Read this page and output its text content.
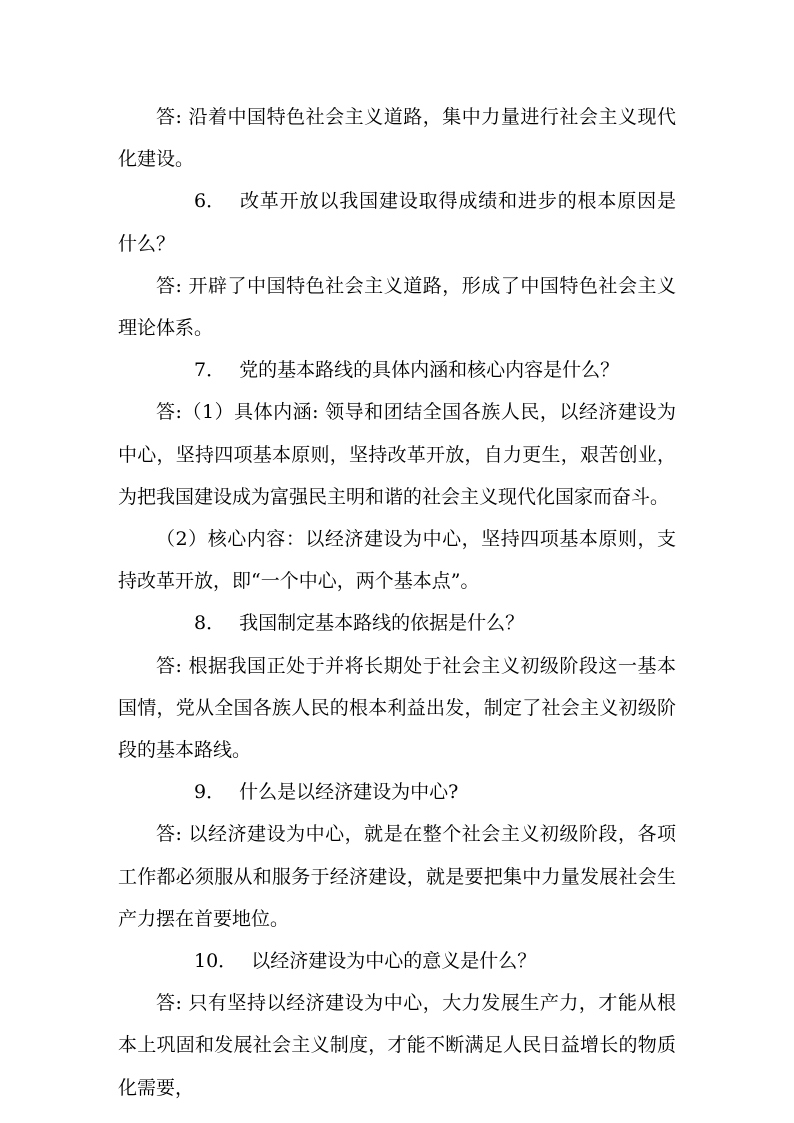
答: 沿着中国特色社会主义道路，集中力量进行社会主义现代化建设。

6． 改革开放以我国建设取得成绩和进步的根本原因是什么？

答: 开辟了中国特色社会主义道路，形成了中国特色社会主义理论体系。

7． 党的基本路线的具体内涵和核心内容是什么？

答:（1）具体内涵: 领导和团结全国各族人民，以经济建设为中心，坚持四项基本原则，坚持改革开放，自力更生，艰苦创业，为把我国建设成为富强民主明和谐的社会主义现代化国家而奋斗。

（2）核心内容：以经济建设为中心，坚持四项基本原则，支持改革开放，即“一个中心，两个基本点”。

8． 我国制定基本路线的依据是什么？

答: 根据我国正处于并将长期处于社会主义初级阶段这一基本国情，党从全国各族人民的根本利益出发，制定了社会主义初级阶段的基本路线。

9． 什么是以经济建设为中心?

答: 以经济建设为中心，就是在整个社会主义初级阶段，各项工作都必须服从和服务于经济建设，就是要把集中力量发展社会生产力摆在首要地位。

10． 以经济建设为中心的意义是什么？

答: 只有坚持以经济建设为中心，大力发展生产力，才能从根本上巩固和发展社会主义制度，才能不断满足人民日益增长的物质化需要，
